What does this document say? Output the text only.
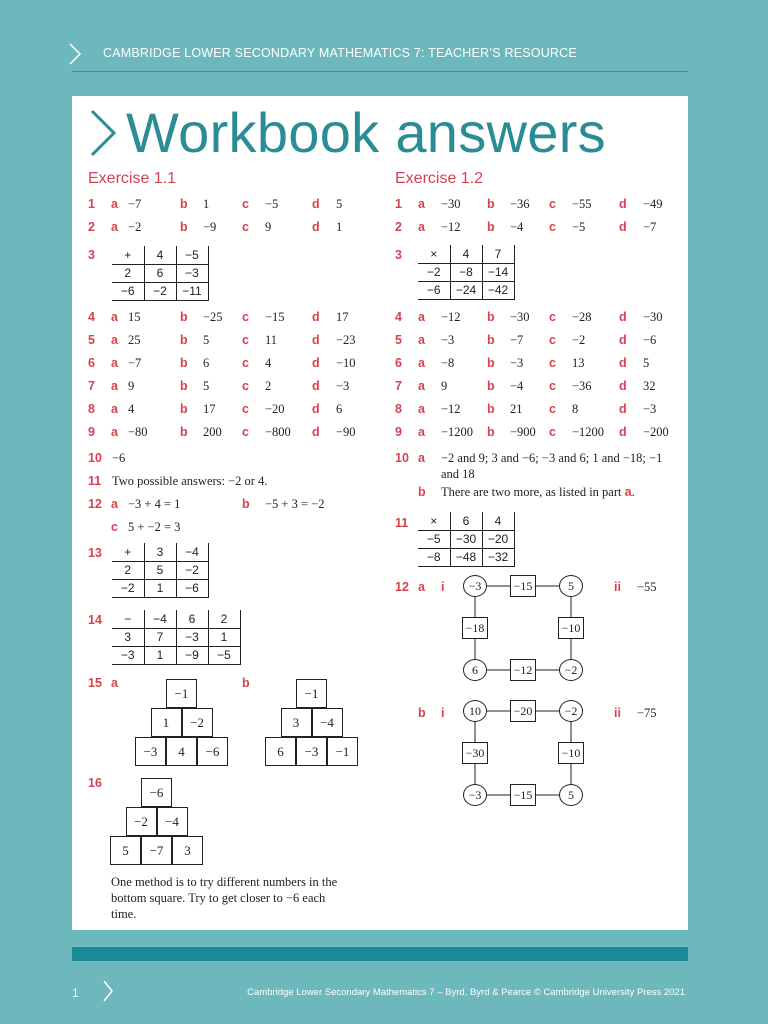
CAMBRIDGE LOWER SECONDARY MATHEMATICS 7: TEACHER’S RESOURCE
Workbook answers
Exercise 1.1	Exercise 1.2
3 +	4	−5
2	6	−3
−6	−2	−11
10 −6
11 Two possible answers: −2 or 4.
12 a −3 + 4 = 1	b −5 + 3 = −2
c 5 + −2 = 3
13 +	3	−4
2	5	−2
−2	1	−6
14 −	−4	6	2
3	7	−3	1
−3	1	−9	−5
15 a	b
−1
1	−2
−3	4	−6
−1
3	−4
6	−3	−1
16
−6
−2	−4
5	−7	3
One method is to try different numbers in the bottom square. Try to get closer to −6 each time.
3 ×	4	7
−2	−8	−14
−6	−24	−42
10 a −2 and 9; 3 and −6; −3 and 6; 1 and −18; −1 and 18
b There are two more, as listed in part a.
11 ×	6	4
−5	−30	−20
−8	−48	−32
12 a i	ii −55
−3	5
6	−2
−15
−18	−10
−12
b i	ii −75
10	−2
−3	5
−20
−30	−10
−15
1 a −7	b 1	c −5	d 5
2 a −2	b −9 c 9	d 1
4 a 15	b −25 c −15 d 17
5 a 25	b 5	c 11	d −23
6 a −7	b 6	c 4	d −10
7 a 9	b 5	c 2	d −3
8 a 4	b 17 c −20 d 6
9 a −80	b 200 c −800 d −90
1 a −30 b −36 c −55 d −49
2 a −12 b −4 c −5	d −7
4 a −12 b −30 c −28 d −30
5 a −3	b −7 c −2	d −6
6 a −8	b −3 c 13	d 5
7 a 9	b −4 c −36 d 32
8 a −12 b 21 c 8	d −3
9 a −1200 b −900 c −1200 d −200
1	Cambridge Lower Secondary Mathematics 7 – Byrd, Byrd & Pearce © Cambridge University Press 2021
